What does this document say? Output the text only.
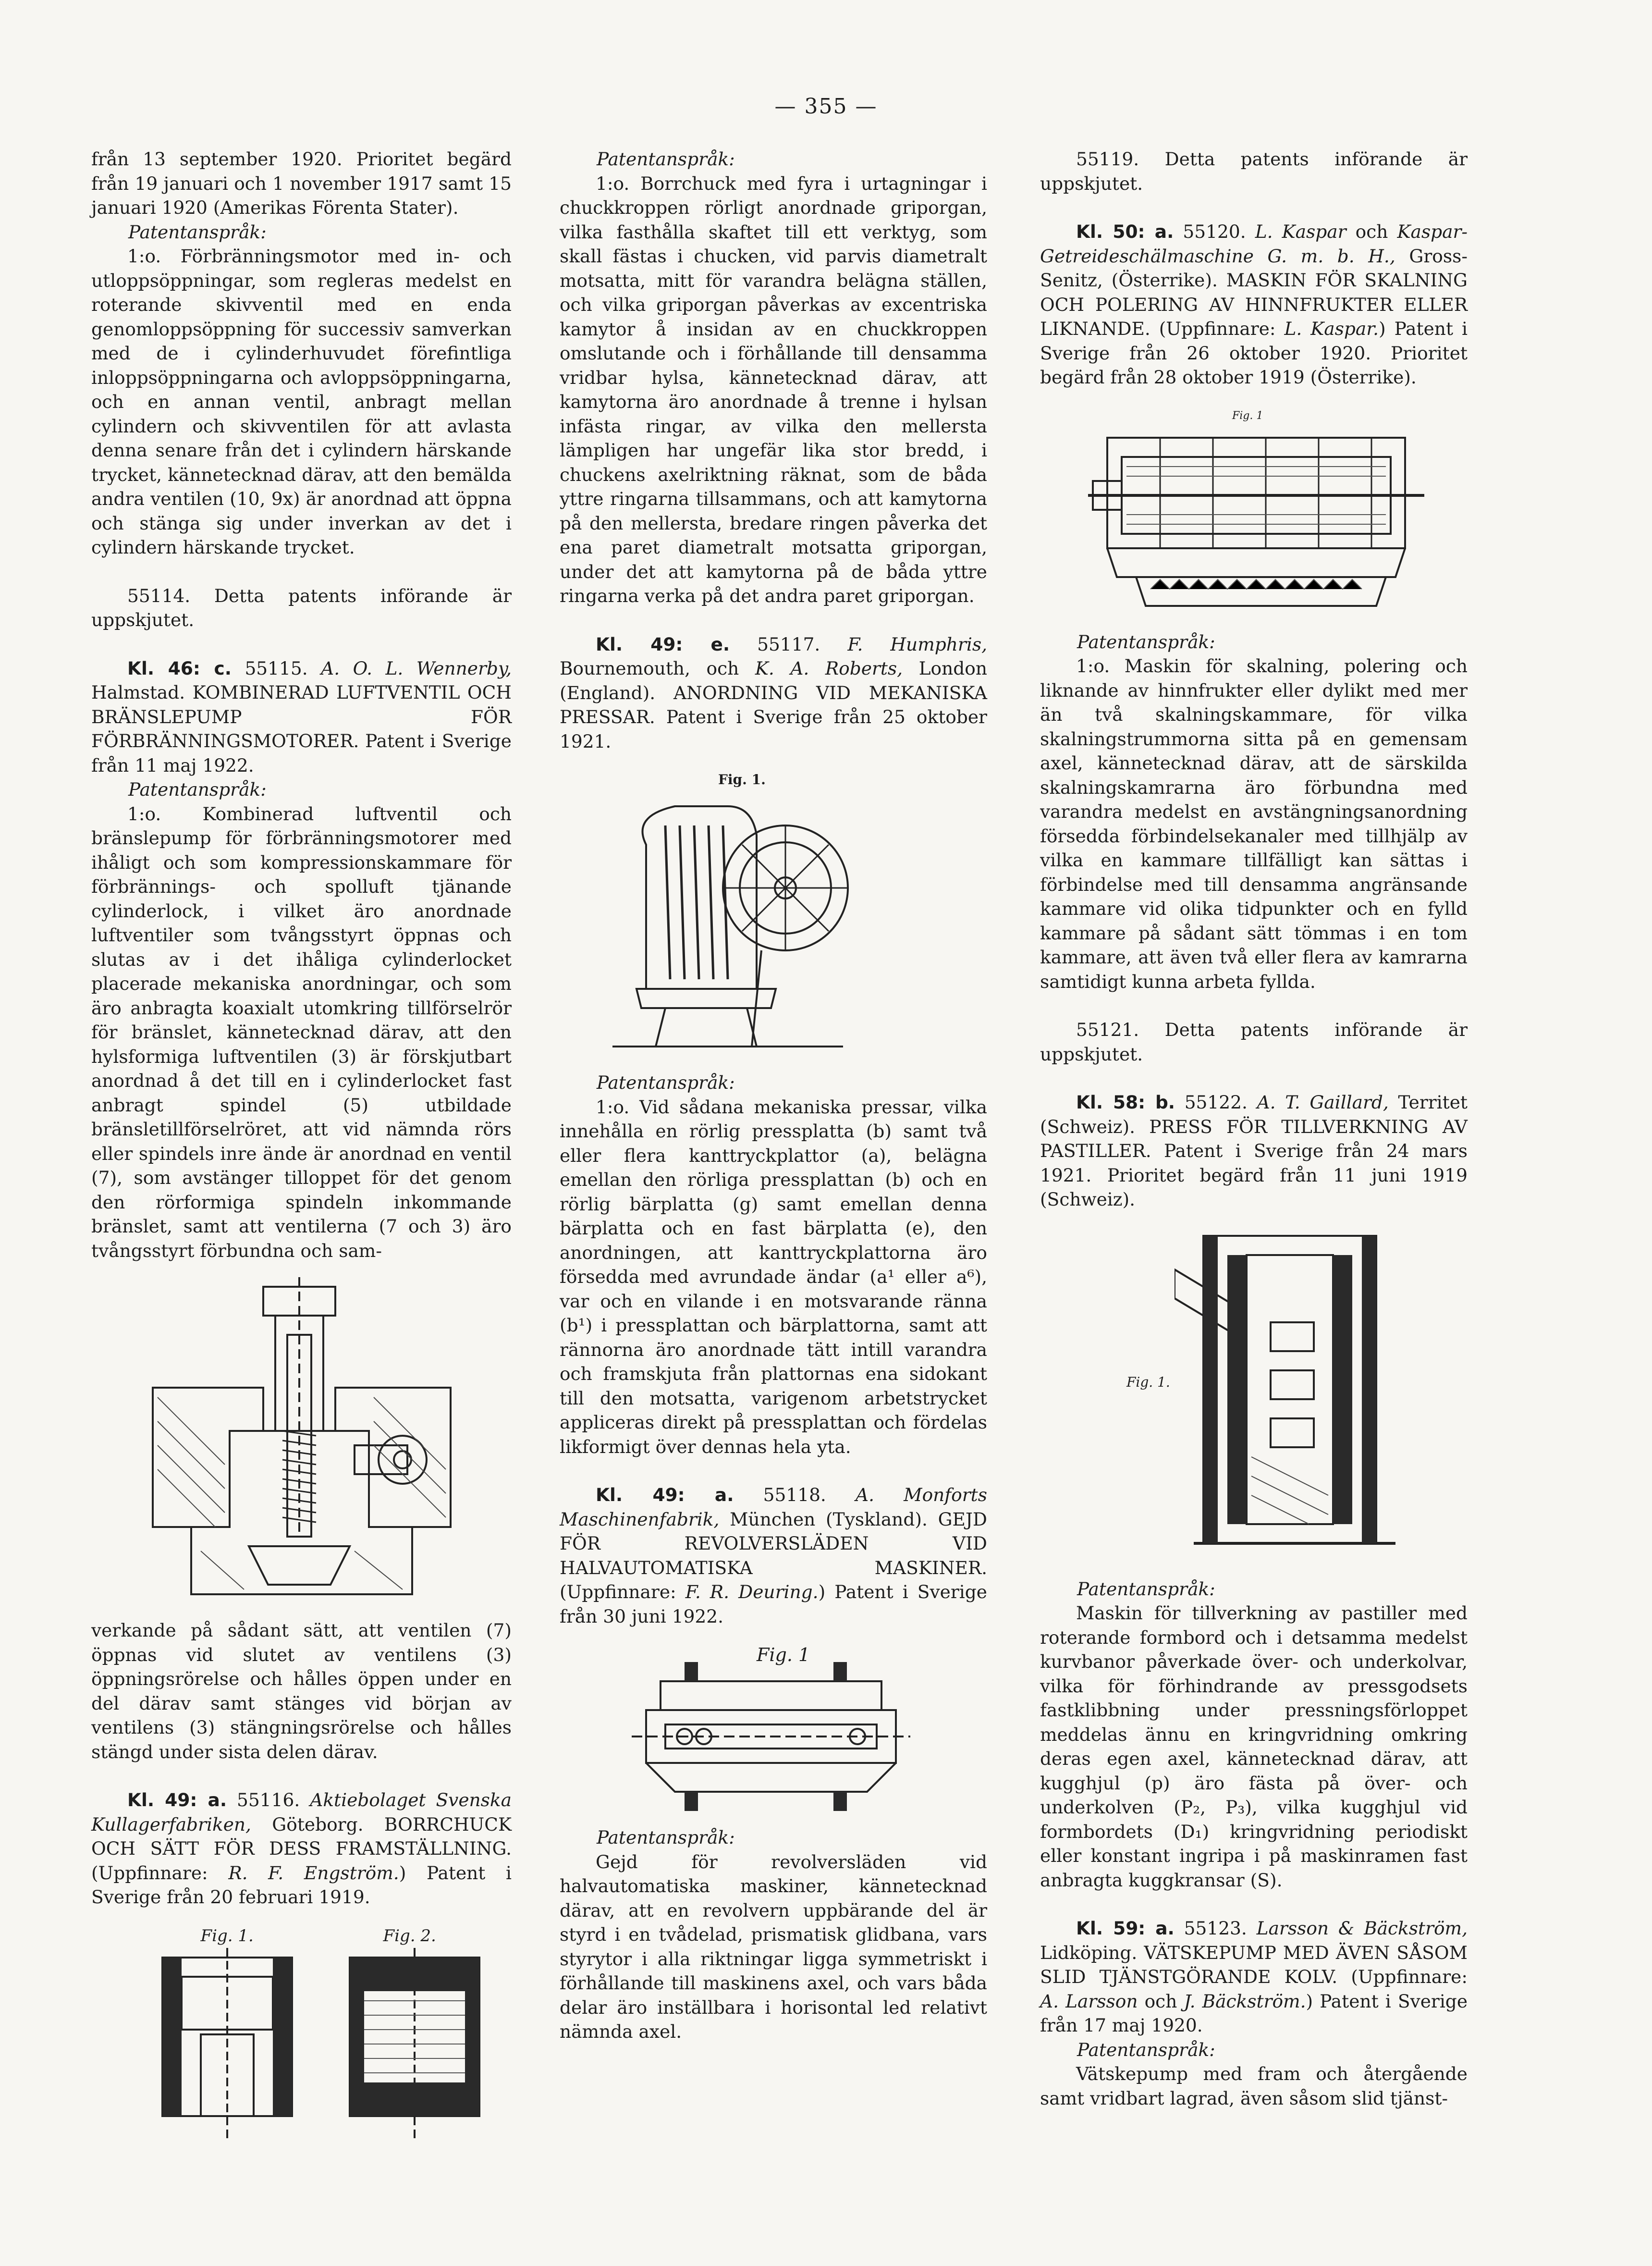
— 355 —

från 13 september 1920. Prioritet begärd från 19 januari och 1 november 1917 samt 15 januari 1920 (Amerikas Förenta Stater).

Patentanspråk:

1:o. Förbränningsmotor med in- och utloppsöppningar, som regleras medelst en roterande skivventil med en enda genomloppsöppning för successiv samverkan med de i cylinderhuvudet förefintliga inloppsöppningarna och avloppsöppningarna, och en annan ventil, anbragt mellan cylindern och skivventilen för att avlasta denna senare från det i cylindern härskande trycket, kännetecknad därav, att den bemälda andra ventilen (10, 9x) är anordnad att öppna och stänga sig under inverkan av det i cylindern härskande trycket.

55114. Detta patents införande är uppskjutet.

Kl. 46: c. 55115. A. O. L. Wennerby, Halmstad. KOMBINERAD LUFTVENTIL OCH BRÄNSLEPUMP FÖR FÖRBRÄNNINGSMOTORER. Patent i Sverige från 11 maj 1922.

Patentanspråk:

1:o. Kombinerad luftventil och bränslepump för förbränningsmotorer med ihåligt och som kompressionskammare för förbrännings- och spolluft tjänande cylinderlock, i vilket äro anordnade luftventiler som tvångsstyrt öppnas och slutas av i det ihåliga cylinderlocket placerade mekaniska anordningar, och som äro anbragta koaxialt utomkring tillförselrör för bränslet, kännetecknad därav, att den hylsformiga luftventilen (3) är förskjutbart anordnad å det till en i cylinderlocket fast anbragt spindel (5) utbildade bränsletillförselröret, att vid nämnda rörs eller spindels inre ände är anordnad en ventil (7), som avstänger tilloppet för det genom den rörformiga spindeln inkommande bränslet, samt att ventilerna (7 och 3) äro tvångsstyrt förbundna och sam-

verkande på sådant sätt, att ventilen (7) öppnas vid slutet av ventilens (3) öppningsrörelse och hålles öppen under en del därav samt stänges vid början av ventilens (3) stängningsrörelse och hålles stängd under sista delen därav.

Kl. 49: a. 55116. Aktiebolaget Svenska Kullagerfabriken, Göteborg. BORRCHUCK OCH SÄTT FÖR DESS FRAMSTÄLLNING. (Uppfinnare: R. F. Engström.) Patent i Sverige från 20 februari 1919.

Fig. 1.	Fig. 2.

Patentanspråk:

1:o. Borrchuck med fyra i urtagningar i chuckkroppen rörligt anordnade griporgan, vilka fasthålla skaftet till ett verktyg, som skall fästas i chucken, vid parvis diametralt motsatta, mitt för varandra belägna ställen, och vilka griporgan påverkas av excentriska kamytor å insidan av en chuckkroppen omslutande och i förhållande till densamma vridbar hylsa, kännetecknad därav, att kamytorna äro anordnade å trenne i hylsan infästa ringar, av vilka den mellersta lämpligen har ungefär lika stor bredd, i chuckens axelriktning räknat, som de båda yttre ringarna tillsammans, och att kamytorna på den mellersta, bredare ringen påverka det ena paret diametralt motsatta griporgan, under det att kamytorna på de båda yttre ringarna verka på det andra paret griporgan.

Kl. 49: e. 55117. F. Humphris, Bournemouth, och K. A. Roberts, London (England). ANORDNING VID MEKANISKA PRESSAR. Patent i Sverige från 25 oktober 1921.

Fig. 1.

Patentanspråk:

1:o. Vid sådana mekaniska pressar, vilka innehålla en rörlig pressplatta (b) samt två eller flera kanttryckplattor (a), belägna emellan den rörliga pressplattan (b) och en rörlig bärplatta (g) samt emellan denna bärplatta och en fast bärplatta (e), den anordningen, att kanttryckplattorna äro försedda med avrundade ändar (a¹ eller a⁶), var och en vilande i en motsvarande ränna (b¹) i pressplattan och bärplattorna, samt att rännorna äro anordnade tätt intill varandra och framskjuta från plattornas ena sidokant till den motsatta, varigenom arbetstrycket appliceras direkt på pressplattan och fördelas likformigt över dennas hela yta.

Kl. 49: a. 55118. A. Monforts Maschinenfabrik, München (Tyskland). GEJD FÖR REVOLVERSLÄDEN VID HALVAUTOMATISKA MASKINER. (Uppfinnare: F. R. Deuring.) Patent i Sverige från 30 juni 1922.

Fig. 1

Patentanspråk:

Gejd för revolversläden vid halvautomatiska maskiner, kännetecknad därav, att en revolvern uppbärande del är styrd i en tvådelad, prismatisk glidbana, vars styrytor i alla riktningar ligga symmetriskt i förhållande till maskinens axel, och vars båda delar äro inställbara i horisontal led relativt nämnda axel.

55119. Detta patents införande är uppskjutet.

Kl. 50: a. 55120. L. Kaspar och Kaspar-Getreideschälmaschine G. m. b. H., Gross-Senitz, (Österrike). MASKIN FÖR SKALNING OCH POLERING AV HINNFRUKTER ELLER LIKNANDE. (Uppfinnare: L. Kaspar.) Patent i Sverige från 26 oktober 1920. Prioritet begärd från 28 oktober 1919 (Österrike).

Fig. 1

Patentanspråk:

1:o. Maskin för skalning, polering och liknande av hinnfrukter eller dylikt med mer än två skalningskammare, för vilka skalningstrummorna sitta på en gemensam axel, kännetecknad därav, att de särskilda skalningskamrarna äro förbundna med varandra medelst en avstängningsanordning försedda förbindelsekanaler med tillhjälp av vilka en kammare tillfälligt kan sättas i förbindelse med till densamma angränsande kammare vid olika tidpunkter och en fylld kammare på sådant sätt tömmas i en tom kammare, att även två eller flera av kamrarna samtidigt kunna arbeta fyllda.

55121. Detta patents införande är uppskjutet.

Kl. 58: b. 55122. A. T. Gaillard, Territet (Schweiz). PRESS FÖR TILLVERKNING AV PASTILLER. Patent i Sverige från 24 mars 1921. Prioritet begärd från 11 juni 1919 (Schweiz).

Fig. 1.

Patentanspråk:

Maskin för tillverkning av pastiller med roterande formbord och i detsamma medelst kurvbanor påverkade över- och underkolvar, vilka för förhindrande av pressgodsets fastklibbning under pressningsförloppet meddelas ännu en kringvridning omkring deras egen axel, kännetecknad därav, att kugghjul (p) äro fästa på över- och underkolven (P₂, P₃), vilka kugghjul vid formbordets (D₁) kringvridning periodiskt eller konstant ingripa i på maskinramen fast anbragta kuggkransar (S).

Kl. 59: a. 55123. Larsson & Bäckström, Lidköping. VÄTSKEPUMP MED ÄVEN SÅSOM SLID TJÄNSTGÖRANDE KOLV. (Uppfinnare: A. Larsson och J. Bäckström.) Patent i Sverige från 17 maj 1920.

Patentanspråk:

Vätskepump med fram och återgående samt vridbart lagrad, även såsom slid tjänst-
